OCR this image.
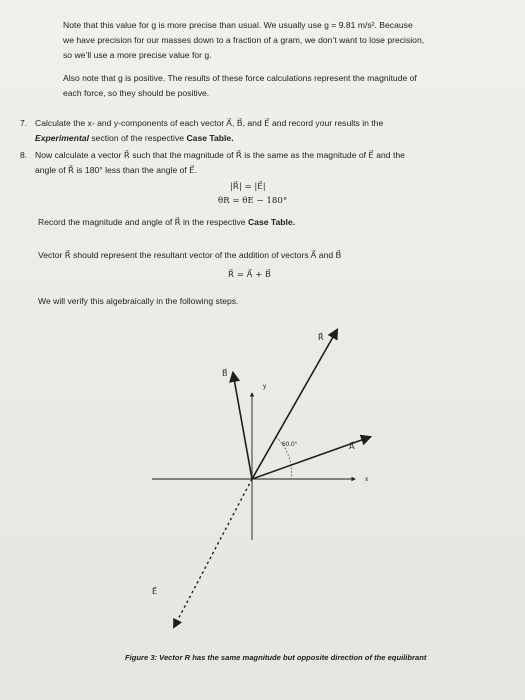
Note that this value for g is more precise than usual. We usually use g = 9.81 m/s². Because
we have precision for our masses down to a fraction of a gram, we don’t want to lose precision,
so we’ll use a more precise value for g.
Also note that g is positive. The results of these force calculations represent the magnitude of
each force, so they should be positive.
7. Calculate the x- and y-components of each vector A⃗, B⃗, and E⃗ and record your results in the
Experimental section of the respective Case Table.
8. Now calculate a vector R⃗ such that the magnitude of R⃗ is the same as the magnitude of E⃗ and the
angle of R⃗ is 180° less than the angle of E⃗.
|R⃗| = |E⃗|
θR = θE − 180°
Record the magnitude and angle of R⃗ in the respective Case Table.
Vector R⃗ should represent the resultant vector of the addition of vectors A⃗ and B⃗
R⃗ = A⃗ + B⃗
We will verify this algebraically in the following steps.
R⃗
B⃗
A⃗
E⃗
y
x
60.0°
Figure 3: Vector R has the same magnitude but opposite direction of the equilibrant
